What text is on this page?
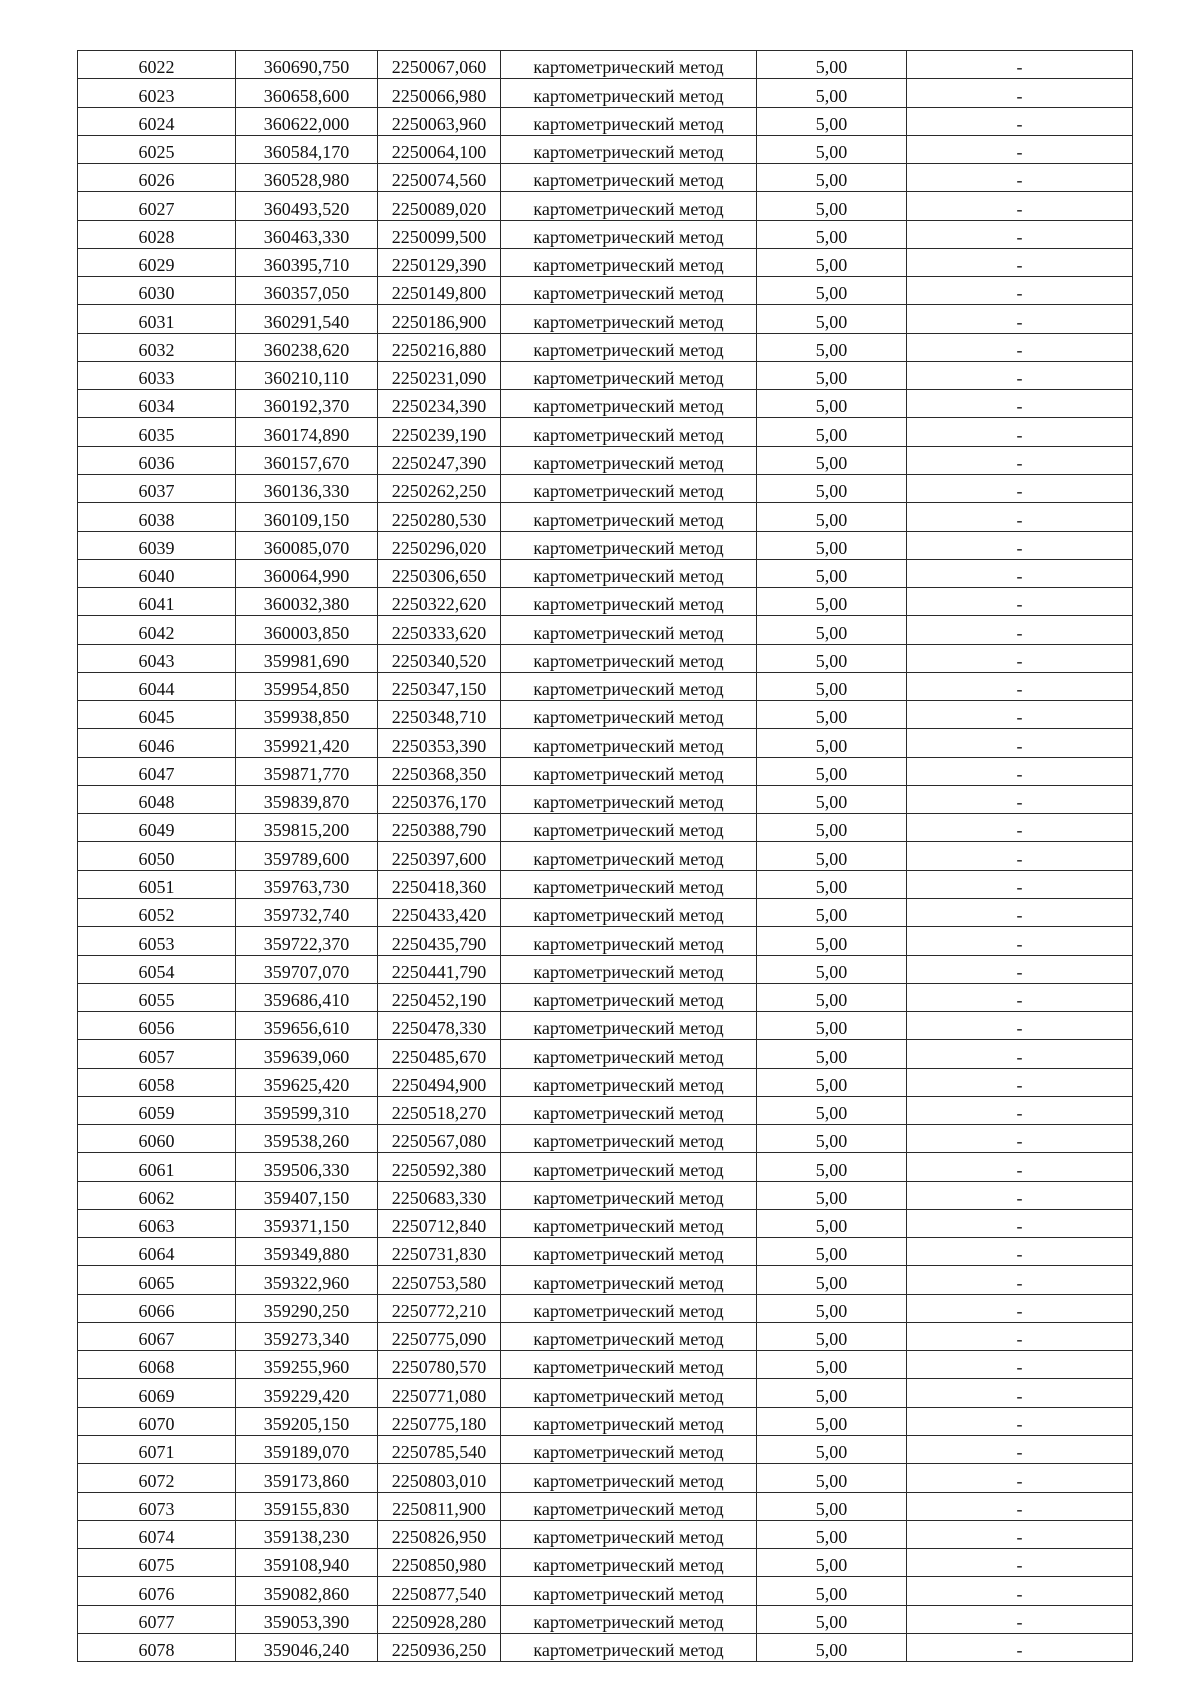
6022	360690,750	2250067,060	картометрический метод	5,00	-
6023	360658,600	2250066,980	картометрический метод	5,00	-
6024	360622,000	2250063,960	картометрический метод	5,00	-
6025	360584,170	2250064,100	картометрический метод	5,00	-
6026	360528,980	2250074,560	картометрический метод	5,00	-
6027	360493,520	2250089,020	картометрический метод	5,00	-
6028	360463,330	2250099,500	картометрический метод	5,00	-
6029	360395,710	2250129,390	картометрический метод	5,00	-
6030	360357,050	2250149,800	картометрический метод	5,00	-
6031	360291,540	2250186,900	картометрический метод	5,00	-
6032	360238,620	2250216,880	картометрический метод	5,00	-
6033	360210,110	2250231,090	картометрический метод	5,00	-
6034	360192,370	2250234,390	картометрический метод	5,00	-
6035	360174,890	2250239,190	картометрический метод	5,00	-
6036	360157,670	2250247,390	картометрический метод	5,00	-
6037	360136,330	2250262,250	картометрический метод	5,00	-
6038	360109,150	2250280,530	картометрический метод	5,00	-
6039	360085,070	2250296,020	картометрический метод	5,00	-
6040	360064,990	2250306,650	картометрический метод	5,00	-
6041	360032,380	2250322,620	картометрический метод	5,00	-
6042	360003,850	2250333,620	картометрический метод	5,00	-
6043	359981,690	2250340,520	картометрический метод	5,00	-
6044	359954,850	2250347,150	картометрический метод	5,00	-
6045	359938,850	2250348,710	картометрический метод	5,00	-
6046	359921,420	2250353,390	картометрический метод	5,00	-
6047	359871,770	2250368,350	картометрический метод	5,00	-
6048	359839,870	2250376,170	картометрический метод	5,00	-
6049	359815,200	2250388,790	картометрический метод	5,00	-
6050	359789,600	2250397,600	картометрический метод	5,00	-
6051	359763,730	2250418,360	картометрический метод	5,00	-
6052	359732,740	2250433,420	картометрический метод	5,00	-
6053	359722,370	2250435,790	картометрический метод	5,00	-
6054	359707,070	2250441,790	картометрический метод	5,00	-
6055	359686,410	2250452,190	картометрический метод	5,00	-
6056	359656,610	2250478,330	картометрический метод	5,00	-
6057	359639,060	2250485,670	картометрический метод	5,00	-
6058	359625,420	2250494,900	картометрический метод	5,00	-
6059	359599,310	2250518,270	картометрический метод	5,00	-
6060	359538,260	2250567,080	картометрический метод	5,00	-
6061	359506,330	2250592,380	картометрический метод	5,00	-
6062	359407,150	2250683,330	картометрический метод	5,00	-
6063	359371,150	2250712,840	картометрический метод	5,00	-
6064	359349,880	2250731,830	картометрический метод	5,00	-
6065	359322,960	2250753,580	картометрический метод	5,00	-
6066	359290,250	2250772,210	картометрический метод	5,00	-
6067	359273,340	2250775,090	картометрический метод	5,00	-
6068	359255,960	2250780,570	картометрический метод	5,00	-
6069	359229,420	2250771,080	картометрический метод	5,00	-
6070	359205,150	2250775,180	картометрический метод	5,00	-
6071	359189,070	2250785,540	картометрический метод	5,00	-
6072	359173,860	2250803,010	картометрический метод	5,00	-
6073	359155,830	2250811,900	картометрический метод	5,00	-
6074	359138,230	2250826,950	картометрический метод	5,00	-
6075	359108,940	2250850,980	картометрический метод	5,00	-
6076	359082,860	2250877,540	картометрический метод	5,00	-
6077	359053,390	2250928,280	картометрический метод	5,00	-
6078	359046,240	2250936,250	картометрический метод	5,00	-
